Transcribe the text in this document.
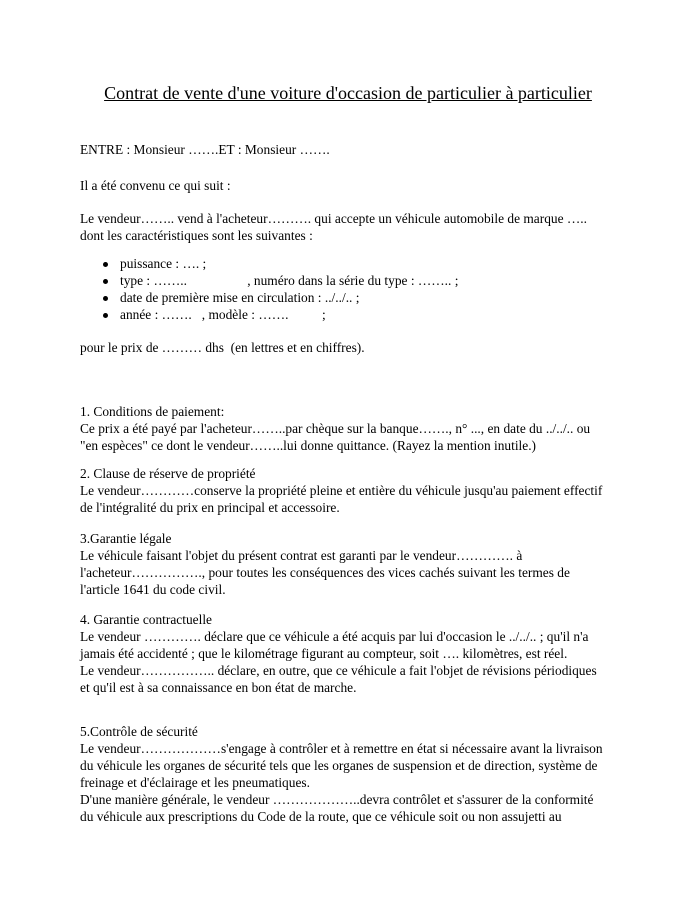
Contrat de vente d'une voiture d'occasion de particulier à particulier
ENTRE : Monsieur …….ET : Monsieur …….
Il a été convenu ce qui suit :
Le vendeur…….. vend à l'acheteur………. qui accepte un véhicule automobile de marque …..
dont les caractéristiques sont les suivantes :
puissance : …. ;
type : ……..                  , numéro dans la série du type : …….. ;
date de première mise en circulation : ../../.. ;
année : …….   , modèle : …….          ;
pour le prix de ……… dhs  (en lettres et en chiffres).
1. Conditions de paiement:
Ce prix a été payé par l'acheteur……..par chèque sur la banque……., n° ..., en date du ../../.. ou
"en espèces" ce dont le vendeur……..lui donne quittance. (Rayez la mention inutile.)
2. Clause de réserve de propriété
Le vendeur…………conserve la propriété pleine et entière du véhicule jusqu'au paiement effectif
de l'intégralité du prix en principal et accessoire.
3.Garantie légale
Le véhicule faisant l'objet du présent contrat est garanti par le vendeur…………. à
l'acheteur……………., pour toutes les conséquences des vices cachés suivant les termes de
l'article 1641 du code civil.
4. Garantie contractuelle
Le vendeur …………. déclare que ce véhicule a été acquis par lui d'occasion le ../../.. ; qu'il n'a
jamais été accidenté ; que le kilométrage figurant au compteur, soit …. kilomètres, est réel.
Le vendeur…………….. déclare, en outre, que ce véhicule a fait l'objet de révisions périodiques
et qu'il est à sa connaissance en bon état de marche.
5.Contrôle de sécurité
Le vendeur………………s'engage à contrôler et à remettre en état si nécessaire avant la livraison
du véhicule les organes de sécurité tels que les organes de suspension et de direction, système de
freinage et d'éclairage et les pneumatiques.
D'une manière générale, le vendeur ………………..devra contrôlet et s'assurer de la conformité
du véhicule aux prescriptions du Code de la route, que ce véhicule soit ou non assujetti au
